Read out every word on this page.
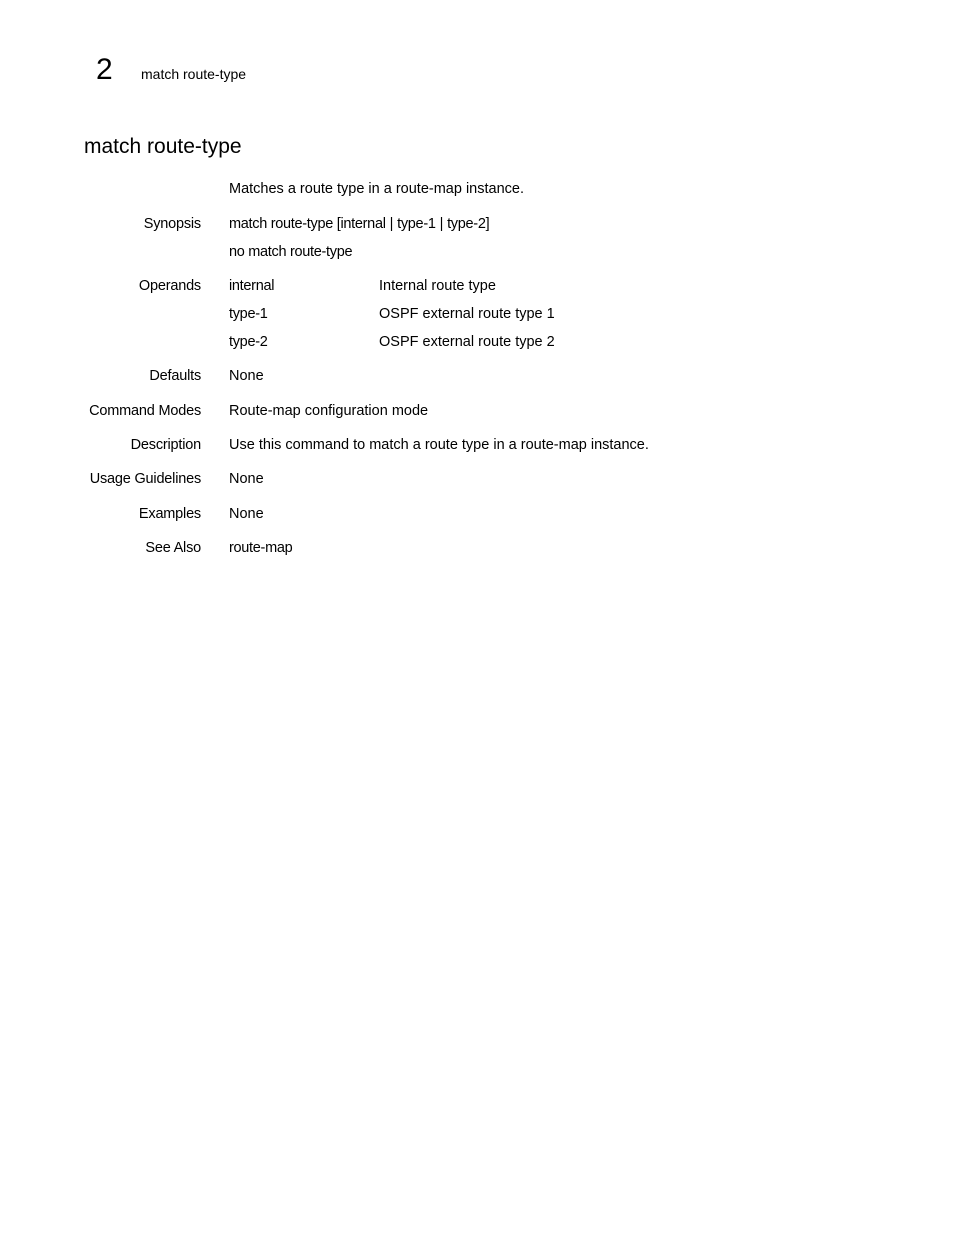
2 match route-type
match route-type
Matches a route type in a route-map instance.
Synopsis match route-type [internal | type-1 | type-2]
no match route-type
Operands internal	Internal route type
type-1	OSPF external route type 1
type-2	OSPF external route type 2
Defaults None
Command Modes Route-map configuration mode
Description Use this command to match a route type in a route-map instance.
Usage Guidelines None
Examples None
See Also route-map
